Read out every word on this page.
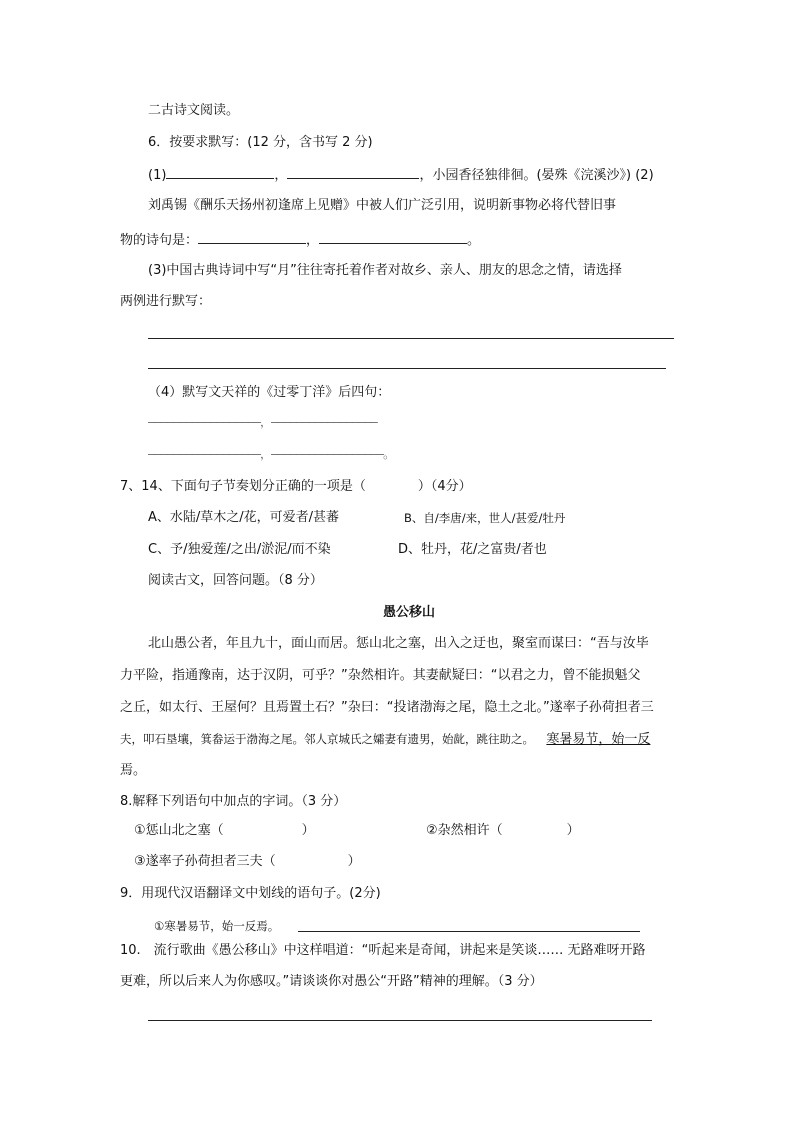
二古诗文阅读。
6．按要求默写：(12 分，含书写 2 分)
(1)	，	，小园香径独徘徊。(晏殊《浣溪沙》) (2)
刘禹锡《酬乐天扬州初逢席上见赠》中被人们广泛引用，说明新事物必将代替旧事
物的诗句是：	，	。
(3)中国古典诗词中写“月”往往寄托着作者对故乡、亲人、朋友的思念之情，请选择
两例进行默写：
（4）默写文天祥的《过零丁洋》后四句：
——————————————————，—————————————————
——————————————————，——————————————————。
7、14、下面句子节奏划分正确的一项是（	）（4分）
A、水陆/草木之/花，可爱者/甚蕃	B、自/李唐/来，世人/甚爱/牡丹
C、予/独爱莲/之出/淤泥/而不染	D、牡丹，花/之富贵/者也
阅读古文，回答问题。（8 分）
愚公移山
北山愚公者，年且九十，面山而居。惩山北之塞，出入之迂也，聚室而谋曰：“吾与汝毕
力平险，指通豫南，达于汉阴，可乎？”杂然相许。其妻献疑曰：“以君之力，曾不能损魁父
之丘，如太行、王屋何？且焉置土石？”杂曰：“投诸渤海之尾，隐土之北。”遂率子孙荷担者三
夫，叩石垦壤，箕畚运于渤海之尾。邻人京城氏之孀妻有遗男，始龀，跳往助之。 寒暑易节，始一反
焉。
8.解释下列语句中加点的字词。（3 分）
①惩山北之塞（	）	②杂然相许（	）
③遂率子孙荷担者三夫（	）
9．用现代汉语翻译文中划线的语句子。(2分)
①寒暑易节，始一反焉。
10.　流行歌曲《愚公移山》中这样唱道：“听起来是奇闻，讲起来是笑谈…… 无路难呀开路
更难，所以后来人为你感叹。”请谈谈你对愚公“开路”精神的理解。（3 分）
